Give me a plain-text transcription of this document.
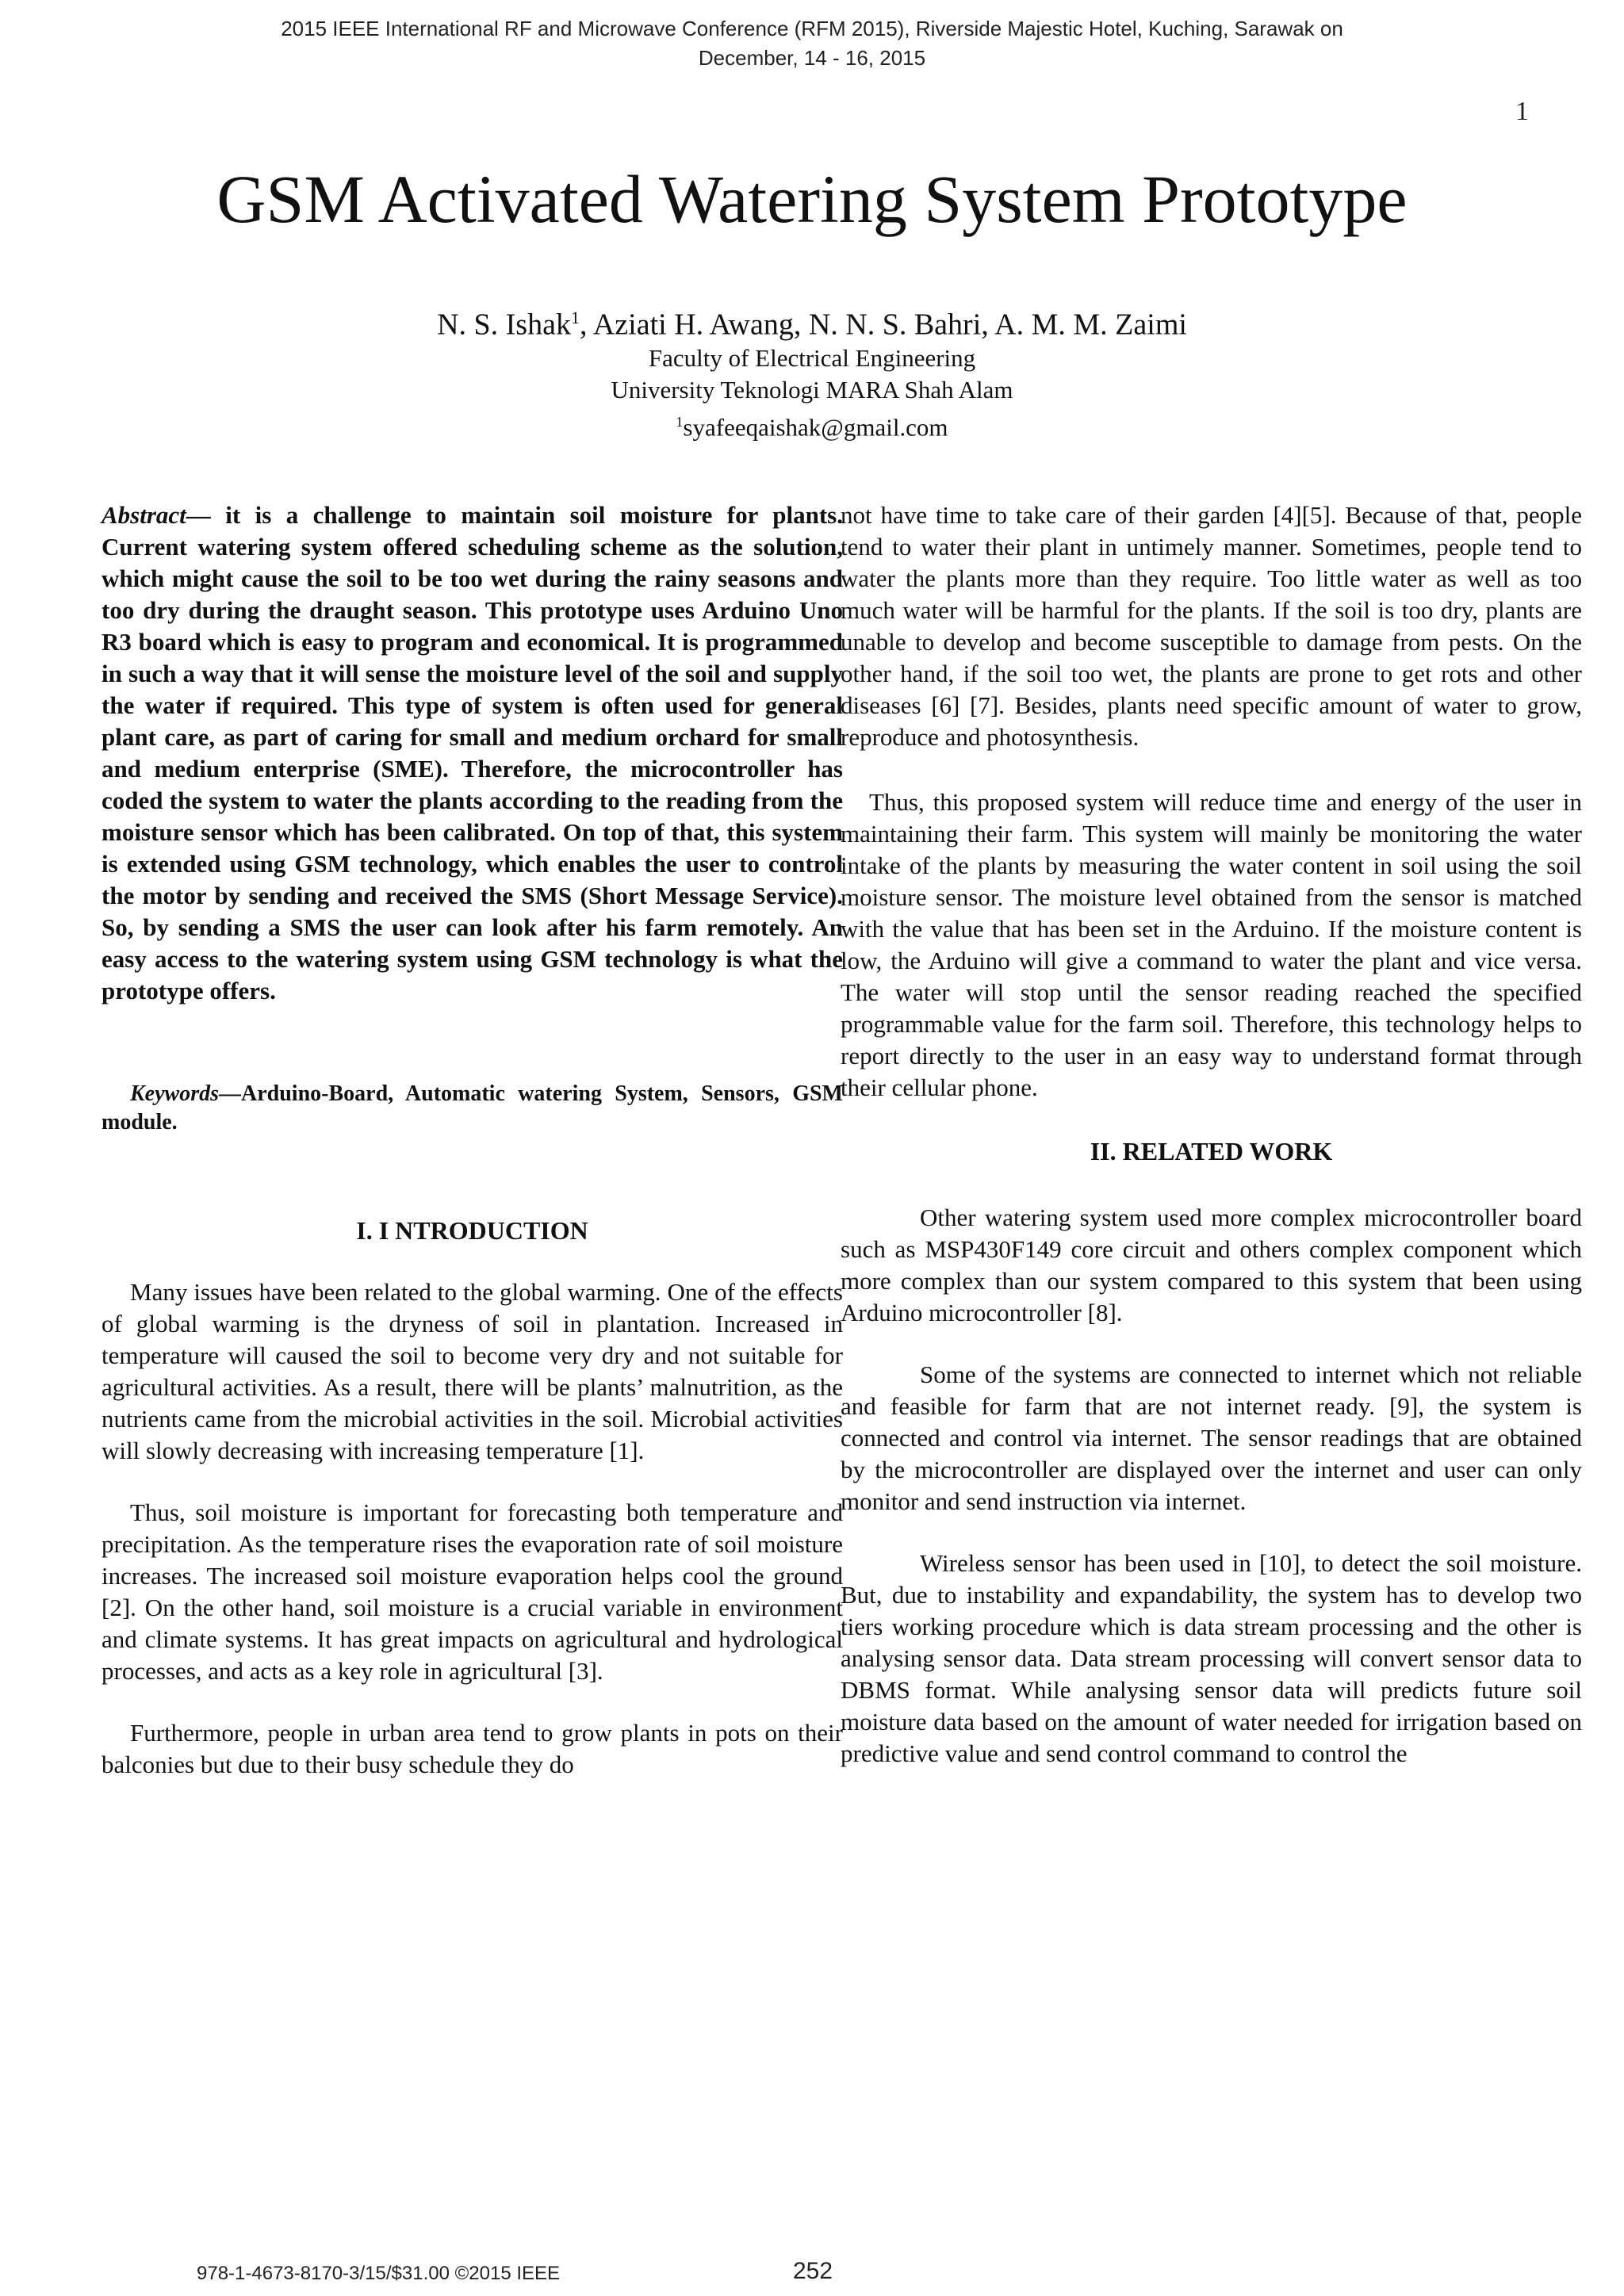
2015 IEEE International RF and Microwave Conference (RFM 2015), Riverside Majestic Hotel, Kuching, Sarawak on
December, 14 - 16, 2015
1
GSM Activated Watering System Prototype
N. S. Ishak$^1$, Aziati H. Awang, N. N. S. Bahri, A. M. M. Zaimi
Faculty of Electrical Engineering
University Teknologi MARA Shah Alam
$^1$syafeeqaishak@gmail.com

Abstract— it is a challenge to maintain soil moisture for plants. Current watering system offered scheduling scheme as the solution, which might cause the soil to be too wet during the rainy seasons and too dry during the draught season. This prototype uses Arduino Uno R3 board which is easy to program and economical. It is programmed in such a way that it will sense the moisture level of the soil and supply the water if required. This type of system is often used for general plant care, as part of caring for small and medium orchard for small and medium enterprise (SME). Therefore, the microcontroller has coded the system to water the plants according to the reading from the moisture sensor which has been calibrated. On top of that, this system is extended using GSM technology, which enables the user to control the motor by sending and received the SMS (Short Message Service). So, by sending a SMS the user can look after his farm remotely. An easy access to the watering system using GSM technology is what the prototype offers.

Keywords—Arduino-Board, Automatic watering System, Sensors, GSM module.

I. I NTRODUCTION

Many issues have been related to the global warming. One of the effects of global warming is the dryness of soil in plantation. Increased in temperature will caused the soil to become very dry and not suitable for agricultural activities. As a result, there will be plants’ malnutrition, as the nutrients came from the microbial activities in the soil. Microbial activities will slowly decreasing with increasing temperature [1].

Thus, soil moisture is important for forecasting both temperature and precipitation. As the temperature rises the evaporation rate of soil moisture increases. The increased soil moisture evaporation helps cool the ground [2]. On the other hand, soil moisture is a crucial variable in environment and climate systems. It has great impacts on agricultural and hydrological processes, and acts as a key role in agricultural [3].

Furthermore, people in urban area tend to grow plants in pots on their balconies but due to their busy schedule they do

not have time to take care of their garden [4][5]. Because of that, people tend to water their plant in untimely manner. Sometimes, people tend to water the plants more than they require. Too little water as well as too much water will be harmful for the plants. If the soil is too dry, plants are unable to develop and become susceptible to damage from pests. On the other hand, if the soil too wet, the plants are prone to get rots and other diseases [6] [7]. Besides, plants need specific amount of water to grow, reproduce and photosynthesis.

Thus, this proposed system will reduce time and energy of the user in maintaining their farm. This system will mainly be monitoring the water intake of the plants by measuring the water content in soil using the soil moisture sensor. The moisture level obtained from the sensor is matched with the value that has been set in the Arduino. If the moisture content is low, the Arduino will give a command to water the plant and vice versa. The water will stop until the sensor reading reached the specified programmable value for the farm soil. Therefore, this technology helps to report directly to the user in an easy way to understand format through their cellular phone.

II. RELATED WORK

Other watering system used more complex microcontroller board such as MSP430F149 core circuit and others complex component which more complex than our system compared to this system that been using Arduino microcontroller [8].

Some of the systems are connected to internet which not reliable and feasible for farm that are not internet ready. [9], the system is connected and control via internet. The sensor readings that are obtained by the microcontroller are displayed over the internet and user can only monitor and send instruction via internet.

Wireless sensor has been used in [10], to detect the soil moisture. But, due to instability and expandability, the system has to develop two tiers working procedure which is data stream processing and the other is analysing sensor data. Data stream processing will convert sensor data to DBMS format. While analysing sensor data will predicts future soil moisture data based on the amount of water needed for irrigation based on predictive value and send control command to control the

978-1-4673-8170-3/15/$31.00 ©2015 IEEE	252
